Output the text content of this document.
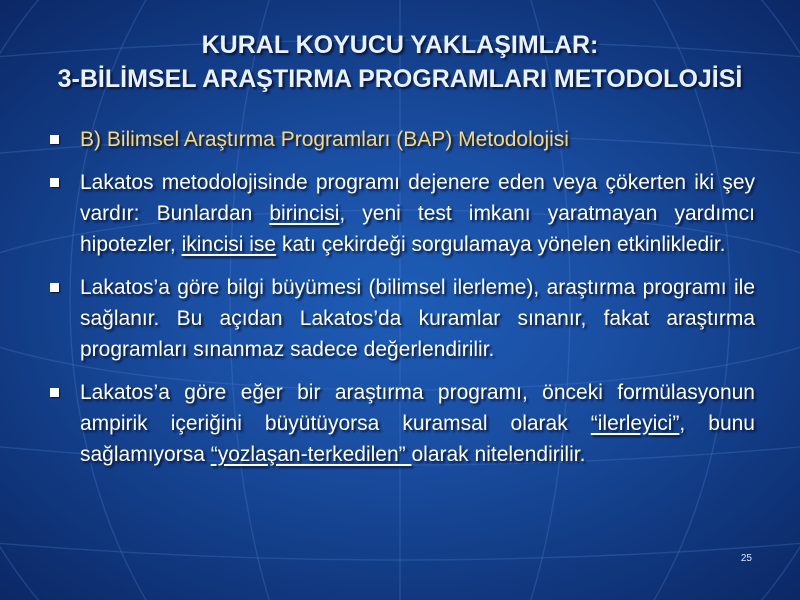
KURAL KOYUCU YAKLAŞIMLAR:
3-BİLİMSEL ARAŞTIRMA PROGRAMLARI METODOLOJİSİ
B) Bilimsel Araştırma Programları (BAP) Metodolojisi
Lakatos metodolojisinde programı dejenere eden veya çökerten iki şey vardır: Bunlardan birincisi, yeni test imkanı yaratmayan yardımcı hipotezler, ikincisi ise katı çekirdeği sorgulamaya yönelen etkinlikledir.
Lakatos’a göre bilgi büyümesi (bilimsel ilerleme), araştırma programı ile sağlanır. Bu açıdan Lakatos’da kuramlar sınanır, fakat araştırma programları sınanmaz sadece değerlendirilir.
Lakatos’a göre eğer bir araştırma programı, önceki formülasyonun ampirik içeriğini büyütüyorsa kuramsal olarak “ilerleyici”, bunu sağlamıyorsa “yozlaşan-terkedilen” olarak nitelendirilir.
25
